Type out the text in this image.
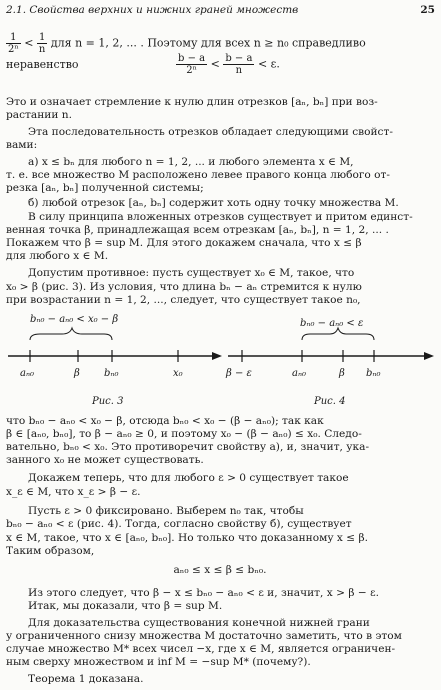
2.1. Свойства верхних и нижних граней множеств	25
$\frac{1}{\text{2ⁿ}} < \frac{1}{n}$ для n = 1, 2, ... . Поэтому для всех n ≥ n₀ справедливо
неравенство	$\frac{b - a}{\text{2ⁿ}} < \frac{b - a}{n} < \varepsilon$.
Это и означает стремление к нулю длин отрезков [aₙ, bₙ] при воз-
растании n.
Эта последовательность отрезков обладает следующими свойст-
вами:
а) x ≤ bₙ для любого n = 1, 2, ... и любого элемента x ∈ M,
т. е. все множество M расположено левее правого конца любого от-
резка [aₙ, bₙ] полученной системы;
б) любой отрезок [aₙ, bₙ] содержит хоть одну точку множества M.
В силу принципа вложенных отрезков существует и притом единст-
венная точка β, принадлежащая всем отрезкам [aₙ, bₙ], n = 1, 2, ... .
Покажем что β = sup M. Для этого докажем сначала, что x ≤ β
для любого x ∈ M.
Допустим противное: пусть существует x₀ ∈ M, такое, что
x₀ > β (рис. 3). Из условия, что длина bₙ − aₙ стремится к нулю
при возрастании n = 1, 2, ..., следует, что существует такое n₀,
bₙ₀ − aₙ₀ < x₀ − β
aₙ₀	β bₙ₀	x₀
Рис. 3
bₙ₀ − aₙ₀ < ε
β − ε	aₙ₀	β bₙ₀
Рис. 4
что bₙ₀ − aₙ₀ < x₀ − β, отсюда bₙ₀ < x₀ − (β − aₙ₀); так как
β ∈ [aₙ₀, bₙ₀], то β − aₙ₀ ≥ 0, и поэтому x₀ − (β − aₙ₀) ≤ x₀. Следо-
вательно, bₙ₀ < x₀. Это противоречит свойству а), и, значит, ука-
занного x₀ не может существовать.
Докажем теперь, что для любого ε > 0 существует такое
x_ε ∈ M, что x_ε > β − ε.
Пусть ε > 0 фиксировано. Выберем n₀ так, чтобы
bₙ₀ − aₙ₀ < ε (рис. 4). Тогда, согласно свойству б), существует
x ∈ M, такое, что x ∈ [aₙ₀, bₙ₀]. Но только что доказанному x ≤ β.
Таким образом,
aₙ₀ ≤ x ≤ β ≤ bₙ₀.
Из этого следует, что β − x ≤ bₙ₀ − aₙ₀ < ε и, значит, x > β − ε.
Итак, мы доказали, что β = sup M.
Для доказательства существования конечной нижней грани
у ограниченного снизу множества M достаточно заметить, что в этом
случае множество M* всех чисел −x, где x ∈ M, является ограничен-
ным сверху множеством и inf M = −sup M* (почему?).
Теорема 1 доказана.
